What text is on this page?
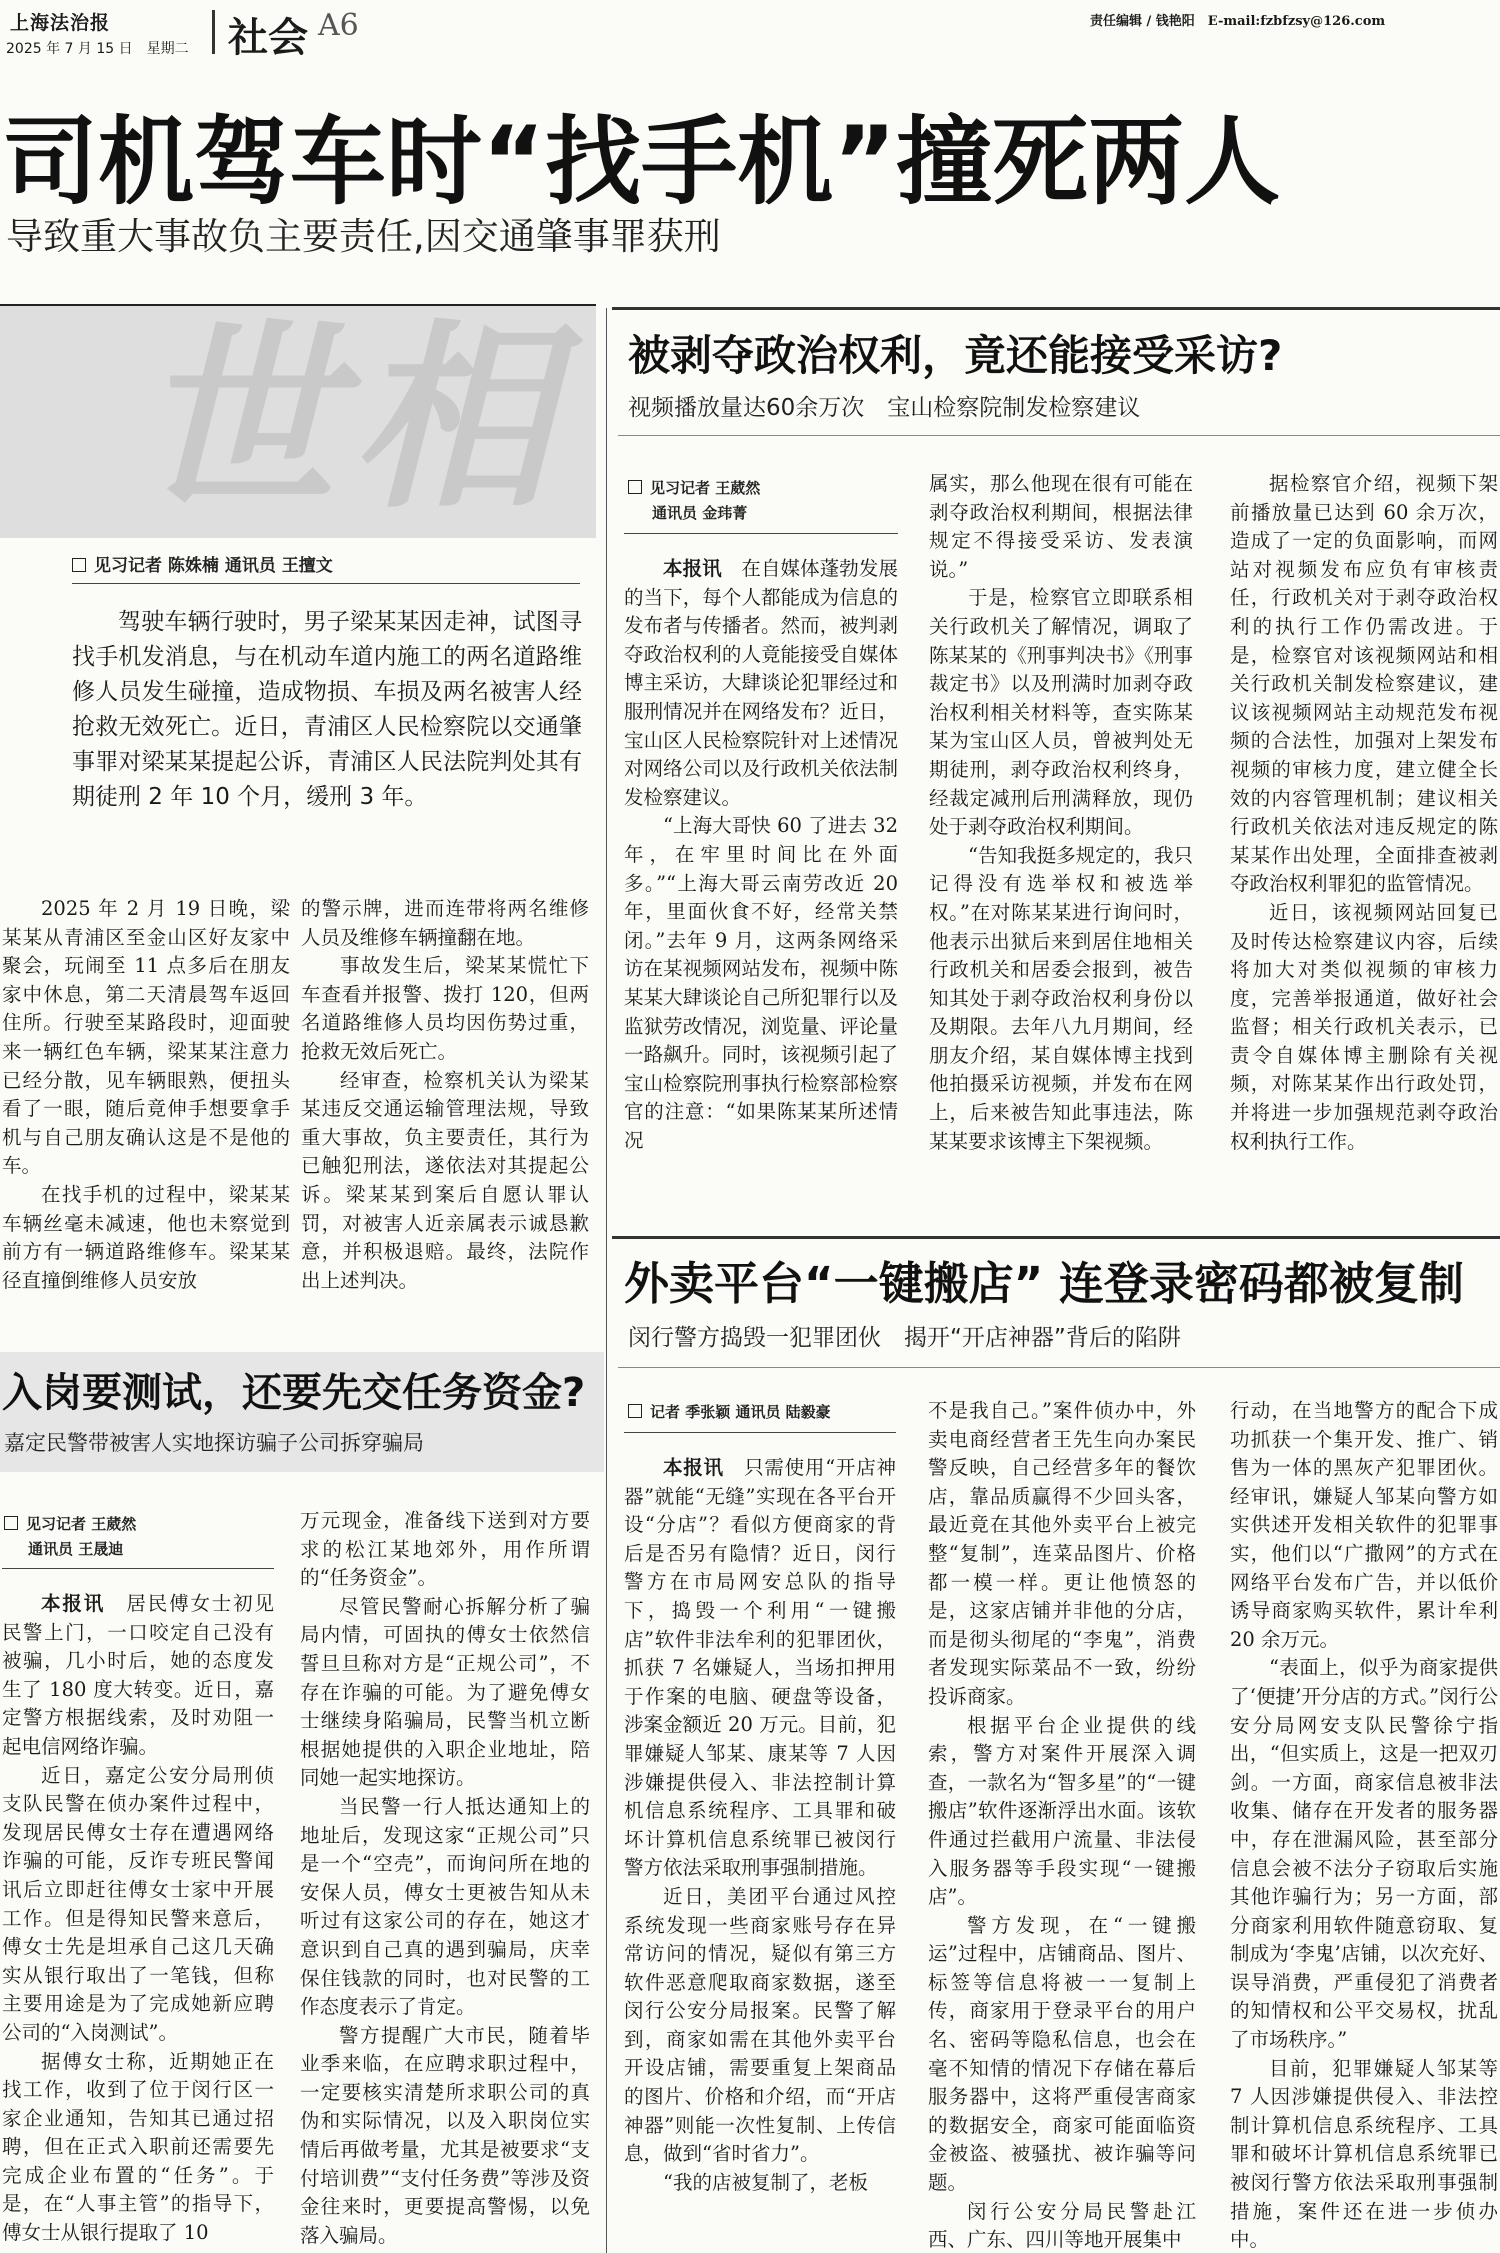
上海法治报
2025 年 7 月 15 日　星期二 社会 A6	责任编辑 / 钱艳阳　E-mail:fzbfzsy@126.com
司机驾车时“找手机”撞死两人
导致重大事故负主要责任,因交通肇事罪获刑
世相
见习记者 陈姝楠 通讯员 王擅文
驾驶车辆行驶时，男子梁某某因走神，试图寻找手机发消息，与在机动车道内施工的两名道路维修人员发生碰撞，造成物损、车损及两名被害人经抢救无效死亡。近日，青浦区人民检察院以交通肇事罪对梁某某提起公诉，青浦区人民法院判处其有期徒刑 2 年 10 个月，缓刑 3 年。

2025 年 2 月 19 日晚，梁某某从青浦区至金山区好友家中聚会，玩闹至 11 点多后在朋友家中休息，第二天清晨驾车返回住所。行驶至某路段时，迎面驶来一辆红色车辆，梁某某注意力已经分散，见车辆眼熟，便扭头看了一眼，随后竟伸手想要拿手机与自己朋友确认这是不是他的车。

在找手机的过程中，梁某某车辆丝毫未减速，他也未察觉到前方有一辆道路维修车。梁某某径直撞倒维修人员安放

的警示牌，进而连带将两名维修人员及维修车辆撞翻在地。

事故发生后，梁某某慌忙下车查看并报警、拨打 120，但两名道路维修人员均因伤势过重，抢救无效后死亡。

经审查，检察机关认为梁某某违反交通运输管理法规，导致重大事故，负主要责任，其行为已触犯刑法，遂依法对其提起公诉。梁某某到案后自愿认罪认罚，对被害人近亲属表示诚恳歉意，并积极退赔。最终，法院作出上述判决。

被剥夺政治权利，竟还能接受采访?
视频播放量达60余万次　宝山检察院制发检察建议
见习记者 王葳然
通讯员 金玮菁

本报讯　 在自媒体蓬勃发展的当下，每个人都能成为信息的发布者与传播者。然而，被判剥夺政治权利的人竟能接受自媒体博主采访，大肆谈论犯罪经过和服刑情况并在网络发布？近日，宝山区人民检察院针对上述情况对网络公司以及行政机关依法制发检察建议。

“上海大哥快 60 了进去 32 年，在牢里时间比在外面多。”“上海大哥云南劳改近 20 年，里面伙食不好，经常关禁闭。”去年 9 月，这两条网络采访在某视频网站发布，视频中陈某某大肆谈论自己所犯罪行以及监狱劳改情况，浏览量、评论量一路飙升。同时，该视频引起了宝山检察院刑事执行检察部检察官的注意：“如果陈某某所述情况

属实，那么他现在很有可能在剥夺政治权利期间，根据法律规定不得接受采访、发表演说。”

于是，检察官立即联系相关行政机关了解情况，调取了陈某某的《刑事判决书》《刑事裁定书》以及刑满时加剥夺政治权利相关材料等，查实陈某某为宝山区人员，曾被判处无期徒刑，剥夺政治权利终身，经裁定减刑后刑满释放，现仍处于剥夺政治权利期间。

“告知我挺多规定的，我只记得没有选举权和被选举权。”在对陈某某进行询问时，他表示出狱后来到居住地相关行政机关和居委会报到，被告知其处于剥夺政治权利身份以及期限。去年八九月期间，经朋友介绍，某自媒体博主找到他拍摄采访视频，并发布在网上，后来被告知此事违法，陈某某要求该博主下架视频。

据检察官介绍，视频下架前播放量已达到 60 余万次，造成了一定的负面影响，而网站对视频发布应负有审核责任，行政机关对于剥夺政治权利的执行工作仍需改进。于是，检察官对该视频网站和相关行政机关制发检察建议，建议该视频网站主动规范发布视频的合法性，加强对上架发布视频的审核力度，建立健全长效的内容管理机制；建议相关行政机关依法对违反规定的陈某某作出处理，全面排查被剥夺政治权利罪犯的监管情况。

近日，该视频网站回复已及时传达检察建议内容，后续将加大对类似视频的审核力度，完善举报通道，做好社会监督；相关行政机关表示，已责令自媒体博主删除有关视频，对陈某某作出行政处罚，并将进一步加强规范剥夺政治权利执行工作。

外卖平台“一键搬店” 连登录密码都被复制
闵行警方捣毁一犯罪团伙　揭开“开店神器”背后的陷阱
记者 季张颖 通讯员 陆毅豪

本报讯　 只需使用“开店神器”就能“无缝”实现在各平台开设“分店”？看似方便商家的背后是否另有隐情？近日，闵行警方在市局网安总队的指导下，捣毁一个利用“一键搬店”软件非法牟利的犯罪团伙，抓获 7 名嫌疑人，当场扣押用于作案的电脑、硬盘等设备，涉案金额近 20 万元。目前，犯罪嫌疑人邹某、康某等 7 人因涉嫌提供侵入、非法控制计算机信息系统程序、工具罪和破坏计算机信息系统罪已被闵行警方依法采取刑事强制措施。

近日，美团平台通过风控系统发现一些商家账号存在异常访问的情况，疑似有第三方软件恶意爬取商家数据，遂至闵行公安分局报案。民警了解到，商家如需在其他外卖平台开设店铺，需要重复上架商品的图片、价格和介绍，而“开店神器”则能一次性复制、上传信息，做到“省时省力”。

“我的店被复制了，老板

不是我自己。”案件侦办中，外卖电商经营者王先生向办案民警反映，自己经营多年的餐饮店，靠品质赢得不少回头客，最近竟在其他外卖平台上被完整“复制”，连菜品图片、价格都一模一样。更让他愤怒的是，这家店铺并非他的分店，而是彻头彻尾的“李鬼”，消费者发现实际菜品不一致，纷纷投诉商家。

根据平台企业提供的线索，警方对案件开展深入调查，一款名为“智多星”的“一键搬店”软件逐渐浮出水面。该软件通过拦截用户流量、非法侵入服务器等手段实现“一键搬店”。

警方发现，在“一键搬运”过程中，店铺商品、图片、标签等信息将被一一复制上传，商家用于登录平台的用户名、密码等隐私信息，也会在毫不知情的情况下存储在幕后服务器中，这将严重侵害商家的数据安全，商家可能面临资金被盗、被骚扰、被诈骗等问题。

闵行公安分局民警赴江西、广东、四川等地开展集中

行动，在当地警方的配合下成功抓获一个集开发、推广、销售为一体的黑灰产犯罪团伙。经审讯，嫌疑人邹某向警方如实供述开发相关软件的犯罪事实，他们以“广撒网”的方式在网络平台发布广告，并以低价诱导商家购买软件，累计牟利 20 余万元。

“表面上，似乎为商家提供了‘便捷’开分店的方式。”闵行公安分局网安支队民警徐宁指出，“但实质上，这是一把双刃剑。一方面，商家信息被非法收集、储存在开发者的服务器中，存在泄漏风险，甚至部分信息会被不法分子窃取后实施其他诈骗行为；另一方面，部分商家利用软件随意窃取、复制成为‘李鬼’店铺，以次充好、误导消费，严重侵犯了消费者的知情权和公平交易权，扰乱了市场秩序。”

目前，犯罪嫌疑人邹某等 7 人因涉嫌提供侵入、非法控制计算机信息系统程序、工具罪和破坏计算机信息系统罪已被闵行警方依法采取刑事强制措施，案件还在进一步侦办中。

入岗要测试，还要先交任务资金?
嘉定民警带被害人实地探访骗子公司拆穿骗局
见习记者 王葳然
通讯员 王晟迪

本报讯　 居民傅女士初见民警上门，一口咬定自己没有被骗，几小时后，她的态度发生了 180 度大转变。近日，嘉定警方根据线索，及时劝阻一起电信网络诈骗。

近日，嘉定公安分局刑侦支队民警在侦办案件过程中，发现居民傅女士存在遭遇网络诈骗的可能，反诈专班民警闻讯后立即赶往傅女士家中开展工作。但是得知民警来意后，傅女士先是坦承自己这几天确实从银行取出了一笔钱，但称主要用途是为了完成她新应聘公司的“入岗测试”。

据傅女士称，近期她正在找工作，收到了位于闵行区一家企业通知，告知其已通过招聘，但在正式入职前还需要先完成企业布置的“任务”。于是，在“人事主管”的指导下，傅女士从银行提取了 10

万元现金，准备线下送到对方要求的松江某地郊外，用作所谓的“任务资金”。

尽管民警耐心拆解分析了骗局内情，可固执的傅女士依然信誓旦旦称对方是“正规公司”，不存在诈骗的可能。为了避免傅女士继续身陷骗局，民警当机立断根据她提供的入职企业地址，陪同她一起实地探访。

当民警一行人抵达通知上的地址后，发现这家“正规公司”只是一个“空壳”，而询问所在地的安保人员，傅女士更被告知从未听过有这家公司的存在，她这才意识到自己真的遇到骗局，庆幸保住钱款的同时，也对民警的工作态度表示了肯定。

警方提醒广大市民，随着毕业季来临，在应聘求职过程中，一定要核实清楚所求职公司的真伪和实际情况，以及入职岗位实情后再做考量，尤其是被要求“支付培训费”“支付任务费”等涉及资金往来时，更要提高警惕，以免落入骗局。
